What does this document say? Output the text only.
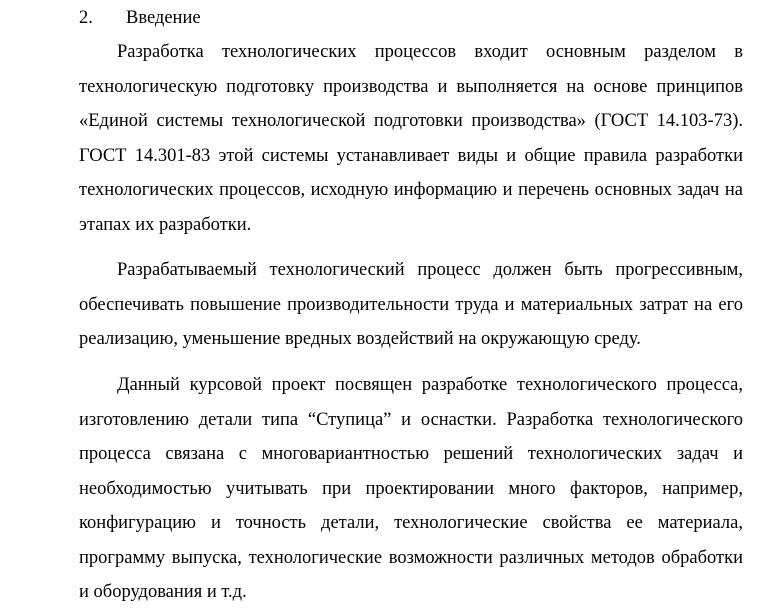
2. Введение

Разработка технологических процессов входит основным разделом в технологическую подготовку производства и выполняется на основе принципов «Единой системы технологической подготовки производства» (ГОСТ 14.103-73). ГОСТ 14.301-83 этой системы устанавливает виды и общие правила разработки технологических процессов, исходную информацию и перечень основных задач на этапах их разработки.

Разрабатываемый технологический процесс должен быть прогрессивным, обеспечивать повышение производительности труда и материальных затрат на его реализацию, уменьшение вредных воздействий на окружающую среду.

Данный курсовой проект посвящен разработке технологического процесса, изготовлению детали типа “Ступица” и оснастки. Разработка технологического процесса связана с многовариантностью решений технологических задач и необходимостью учитывать при проектировании много факторов, например, конфигурацию и точность детали, технологические свойства ее материала, программу выпуска, технологические возможности различных методов обработки и оборудования и т.д.
